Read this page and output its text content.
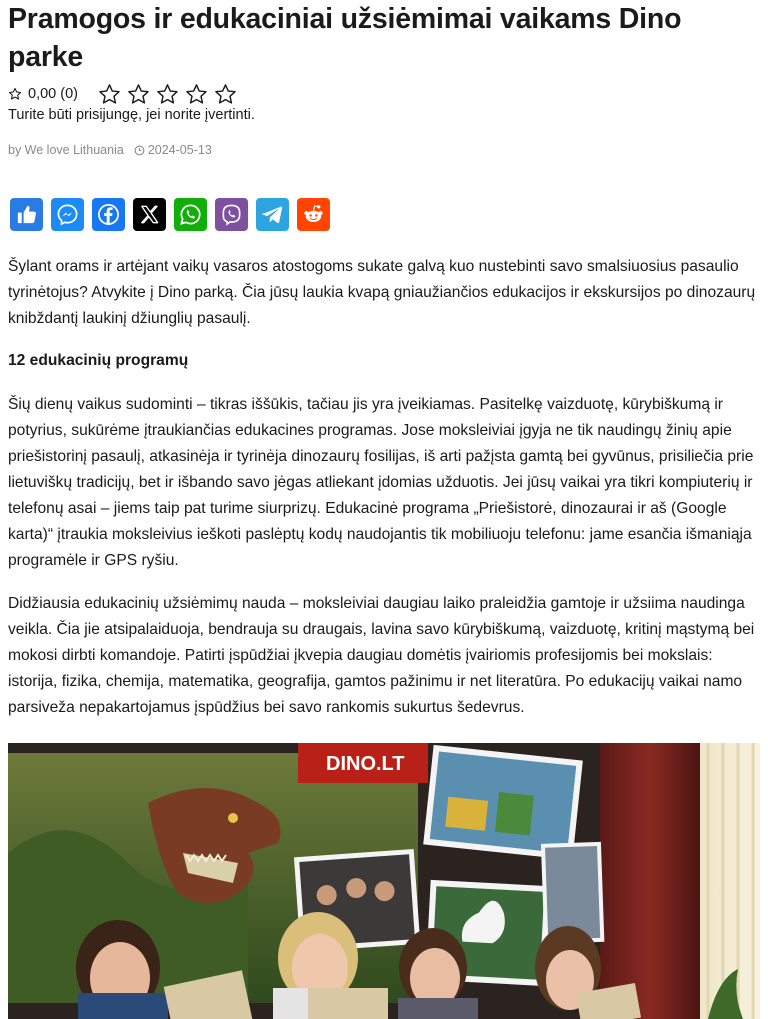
Pramogos ir edukaciniai užsiėmimai vaikams Dino parke
0,00 (0)
Turite būti prisijungę, jei norite įvertinti.
by We love Lithuania 2024-05-13

Šylant orams ir artėjant vaikų vasaros atostogoms sukate galvą kuo nustebinti savo smalsiuosius pasaulio tyrinėtojus? Atvykite į Dino parką. Čia jūsų laukia kvapą gniaužiančios edukacijos ir ekskursijos po dinozaurų knibždantį laukinį džiunglių pasaulį.

12 edukacinių programų

Šių dienų vaikus sudominti – tikras iššūkis, tačiau jis yra įveikiamas. Pasitelkę vaizduotę, kūrybiškumą ir potyrius, sukūrėme įtraukiančias edukacines programas. Jose moksleiviai įgyja ne tik naudingų žinių apie priešistorinį pasaulį, atkasinėja ir tyrinėja dinozaurų fosilijas, iš arti pažįsta gamtą bei gyvūnus, prisiliečia prie lietuviškų tradicijų, bet ir išbando savo jėgas atliekant įdomias užduotis. Jei jūsų vaikai yra tikri kompiuterių ir telefonų asai – jiems taip pat turime siurprizų. Edukacinė programa „Priešistorė, dinozaurai ir aš (Google karta)“ įtraukia moksleivius ieškoti paslėptų kodų naudojantis tik mobiliuoju telefonu: jame esančia išmaniąja programėle ir GPS ryšiu.

Didžiausia edukacinių užsiėmimų nauda – moksleiviai daugiau laiko praleidžia gamtoje ir užsiima naudinga veikla. Čia jie atsipalaiduoja, bendrauja su draugais, lavina savo kūrybiškumą, vaizduotę, kritinį mąstymą bei mokosi dirbti komandoje. Patirti įspūdžiai įkvepia daugiau domėtis įvairiomis profesijomis bei mokslais: istorija, fizika, chemija, matematika, geografija, gamtos pažinimu ir net literatūra. Po edukacijų vaikai namo parsiveža nepakartojamus įspūdžius bei savo rankomis sukurtus šedevrus.

DINO.LT
